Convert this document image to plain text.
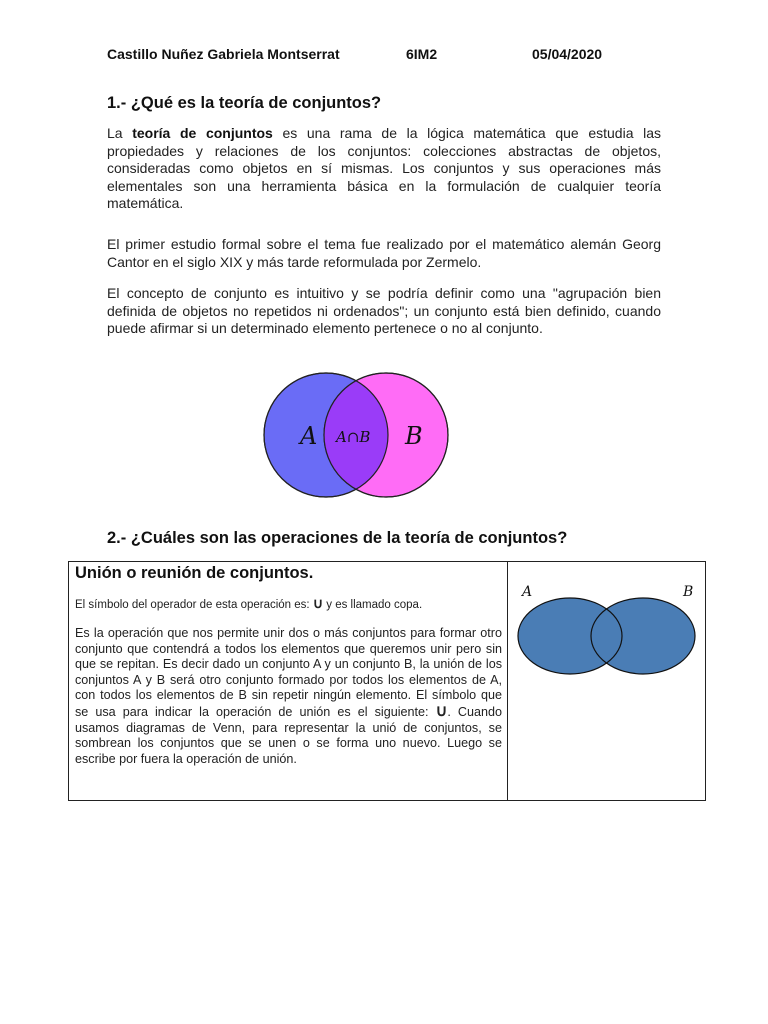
Castillo Nuñez Gabriela Montserrat	6IM2	05/04/2020
1.- ¿Qué es la teoría de conjuntos?
La teoría de conjuntos es una rama de la lógica matemática que estudia las propiedades y relaciones de los conjuntos: colecciones abstractas de objetos, consideradas como objetos en sí mismas. Los conjuntos y sus operaciones más elementales son una herramienta básica en la formulación de cualquier teoría matemática.
El primer estudio formal sobre el tema fue realizado por el matemático alemán Georg Cantor en el siglo XIX y más tarde reformulada por Zermelo.
El concepto de conjunto es intuitivo y se podría definir como una "agrupación bien definida de objetos no repetidos ni ordenados"; un conjunto está bien definido, cuando puede afirmar si un determinado elemento pertenece o no al conjunto.
A A∩B B
2.- ¿Cuáles son las operaciones de la teoría de conjuntos?
Unión o reunión de conjuntos.
El símbolo del operador de esta operación es: ∪ y es llamado copa.
Es la operación que nos permite unir dos o más conjuntos para formar otro conjunto que contendrá a todos los elementos que queremos unir pero sin que se repitan. Es decir dado un conjunto A y un conjunto B, la unión de los conjuntos A y B será otro conjunto formado por todos los elementos de A, con todos los elementos de B sin repetir ningún elemento. El símbolo que se usa para indicar la operación de unión es el siguiente: ∪. Cuando usamos diagramas de Venn, para representar la unió de conjuntos, se sombrean los conjuntos que se unen o se forma uno nuevo. Luego se escribe por fuera la operación de unión.
A	B
